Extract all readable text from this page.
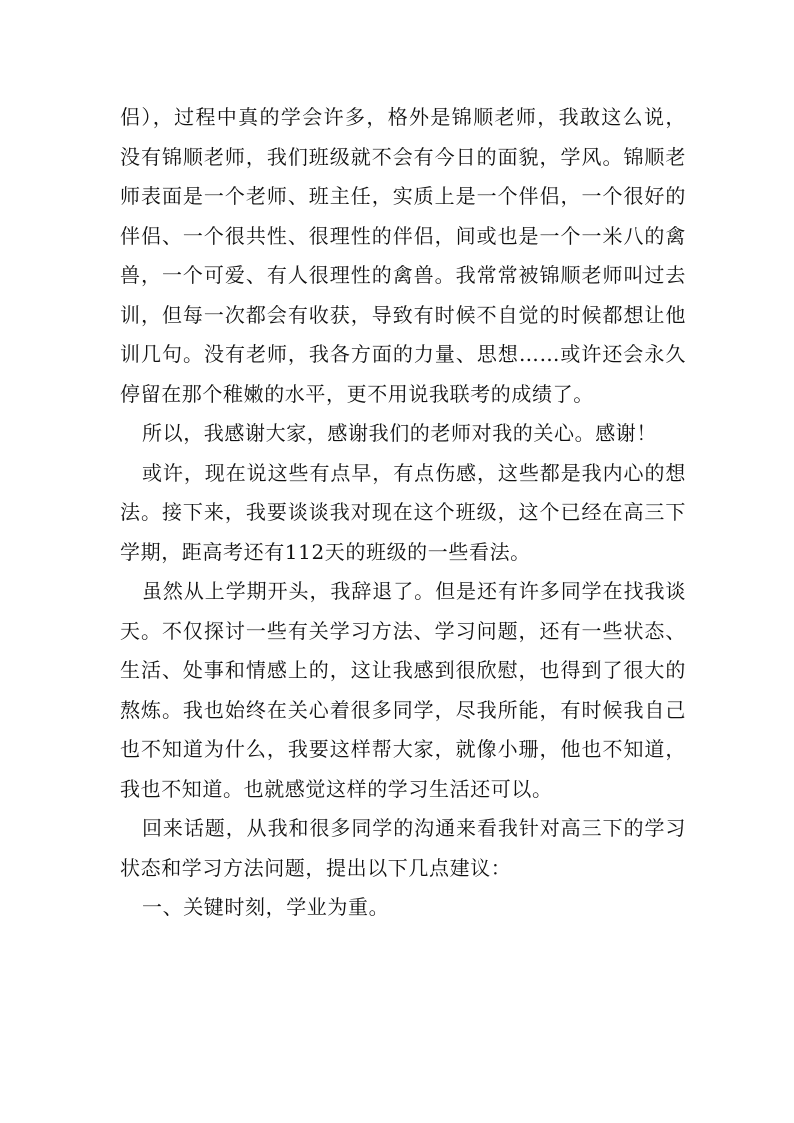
侣），过程中真的学会许多，格外是锦顺老师，我敢这么说，没有锦顺老师，我们班级就不会有今日的面貌，学风。锦顺老师表面是一个老师、班主任，实质上是一个伴侣，一个很好的伴侣、一个很共性、很理性的伴侣，间或也是一个一米八的禽兽，一个可爱、有人很理性的禽兽。我常常被锦顺老师叫过去训，但每一次都会有收获，导致有时候不自觉的时候都想让他训几句。没有老师，我各方面的力量、思想……或许还会永久停留在那个稚嫩的水平，更不用说我联考的成绩了。

所以，我感谢大家，感谢我们的老师对我的关心。感谢！

或许，现在说这些有点早，有点伤感，这些都是我内心的想法。接下来，我要谈谈我对现在这个班级，这个已经在高三下学期，距高考还有112天的班级的一些看法。

虽然从上学期开头，我辞退了。但是还有许多同学在找我谈天。不仅探讨一些有关学习方法、学习问题，还有一些状态、生活、处事和情感上的，这让我感到很欣慰，也得到了很大的熬炼。我也始终在关心着很多同学，尽我所能，有时候我自己也不知道为什么，我要这样帮大家，就像小珊，他也不知道，我也不知道。也就感觉这样的学习生活还可以。

回来话题，从我和很多同学的沟通来看我针对高三下的学习状态和学习方法问题，提出以下几点建议：

一、关键时刻，学业为重。
